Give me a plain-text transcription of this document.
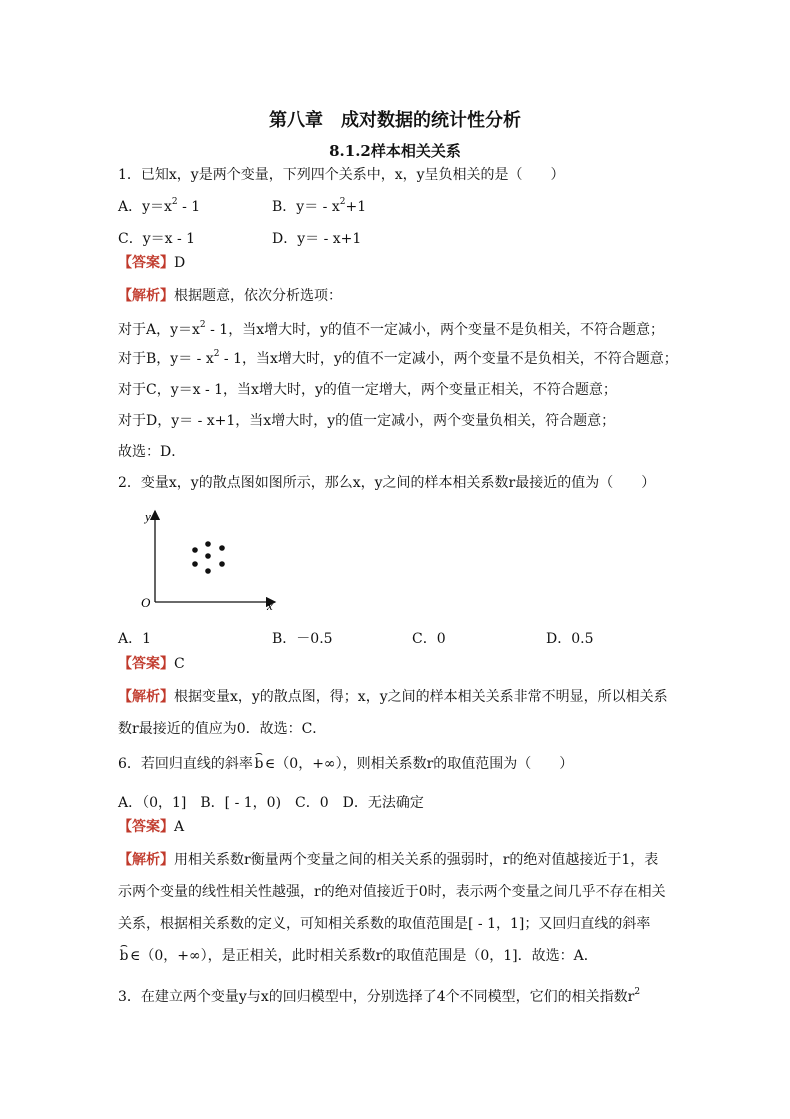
第八章　成对数据的统计性分析
8.1.2样本相关关系
1．已知x，y是两个变量，下列四个关系中，x，y呈负相关的是（　　）
A．$y=x^2 - 1$	B．$y= - x^2+1$
C．y＝x - 1	D．y＝ - x+1
【答案】D
【解析】根据题意，依次分析选项：
对于A，$y=x^2 - 1$，当x增大时，y的值不一定减小，两个变量不是负相关，不符合题意；
对于B，$y= - x^2 - 1$，当x增大时，y的值不一定减小，两个变量不是负相关，不符合题意；
对于C，y＝x - 1，当x增大时，y的值一定增大，两个变量正相关，不符合题意；
对于D，y＝ - x+1，当x增大时，y的值一定减小，两个变量负相关，符合题意；
故选：D．
2．变量x，y的散点图如图所示，那么x，y之间的样本相关系数r最接近的值为（　　）
y
x
O
A．1	B．－0.5	C．0	D．0.5
【答案】C
【解析】根据变量x，y的散点图，得；x，y之间的样本相关关系非常不明显，所以相关系
数r最接近的值应为0．故选：C．
6．若回归直线的斜率⌢ b ∈（0，+∞），则相关系数r的取值范围为（　　）
A．（0，1]　B．[ - 1，0)　C．0　D．无法确定
【答案】A
【解析】用相关系数r衡量两个变量之间的相关关系的强弱时，r的绝对值越接近于1，表
示两个变量的线性相关性越强，r的绝对值接近于0时，表示两个变量之间几乎不存在相关
关系，根据相关系数的定义，可知相关系数的取值范围是[ - 1，1]；又回归直线的斜率
⌢ b ∈（0，+∞），是正相关，此时相关系数r的取值范围是（0，1]．故选：A．
3．在建立两个变量y与x的回归模型中，分别选择了4个不同模型，它们的相关指数$r^2$
